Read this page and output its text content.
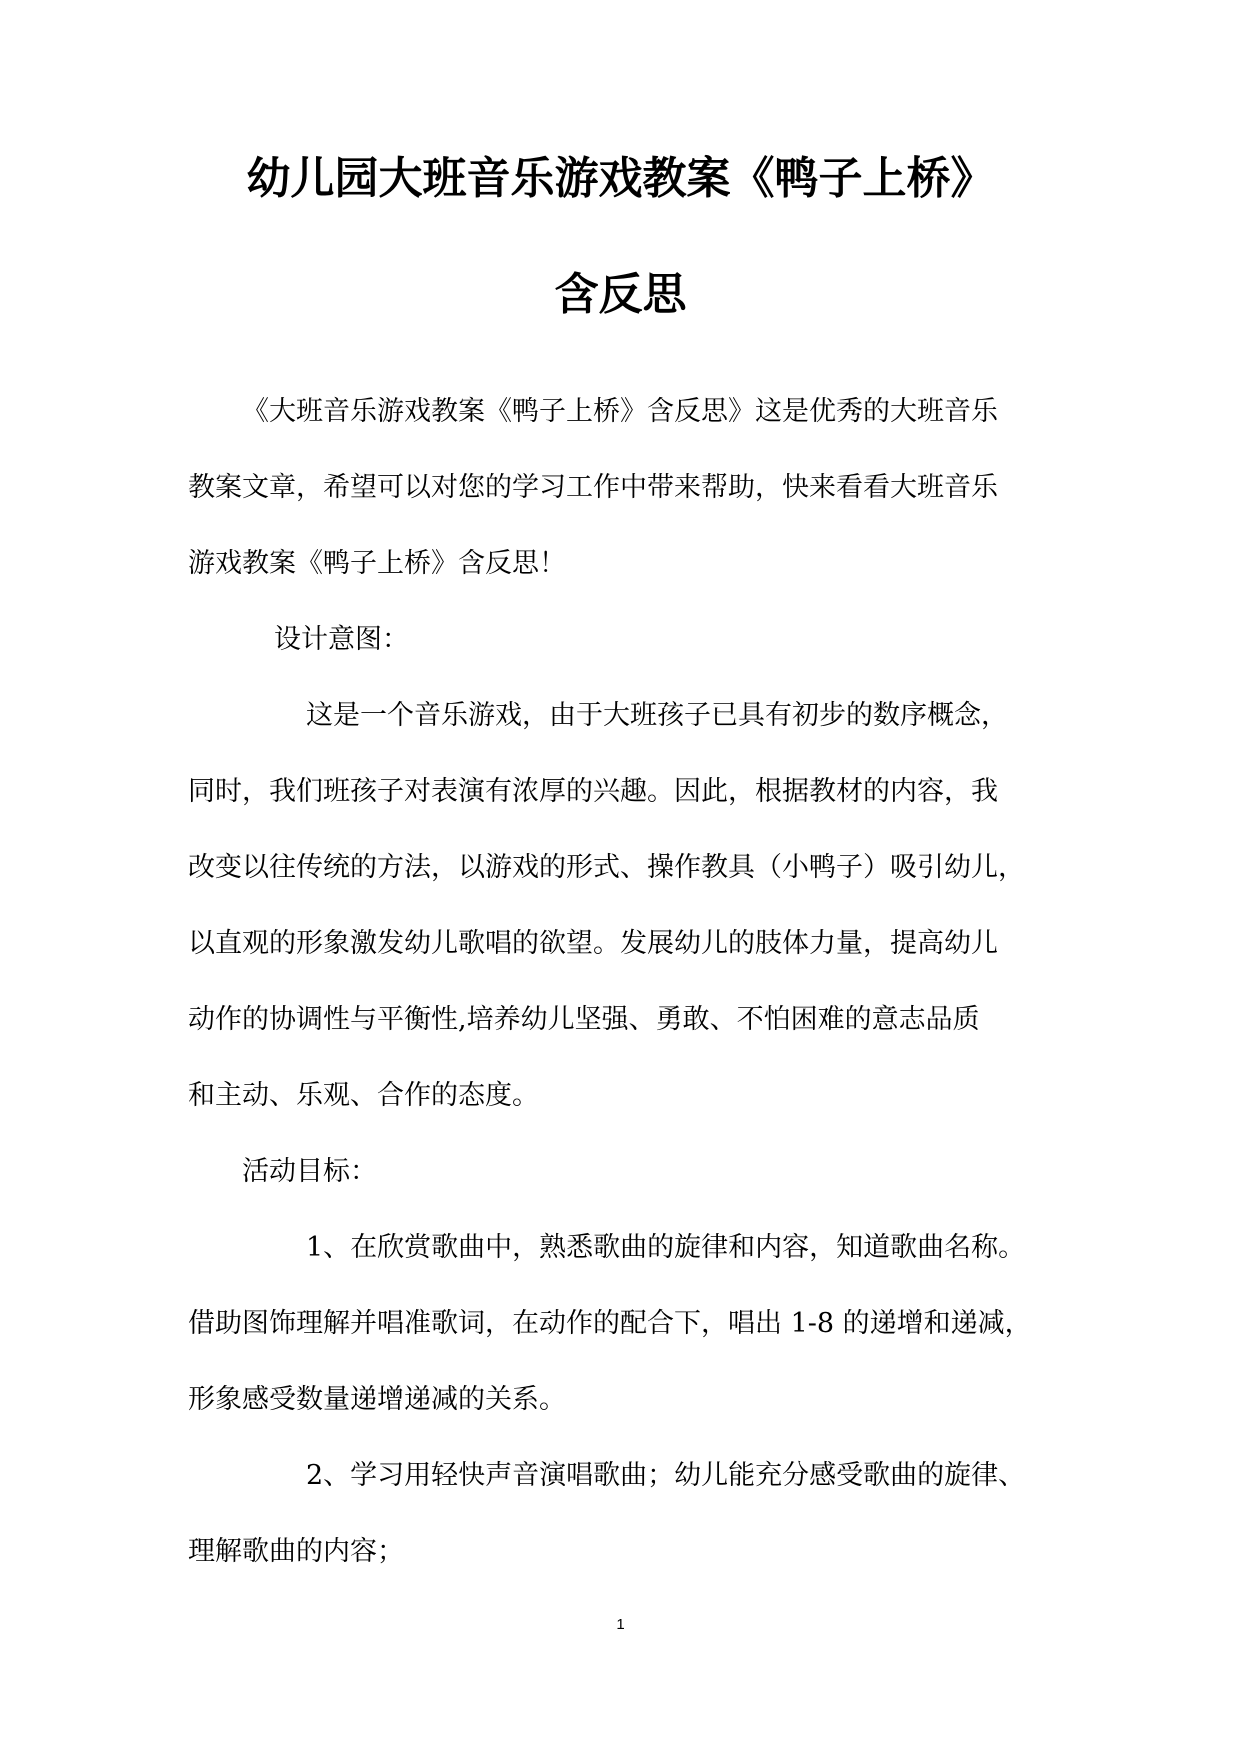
幼儿园大班音乐游戏教案《鸭子上桥》
含反思
《大班音乐游戏教案《鸭子上桥》含反思》这是优秀的大班音乐
教案文章，希望可以对您的学习工作中带来帮助，快来看看大班音乐
游戏教案《鸭子上桥》含反思！
设计意图：
这是一个音乐游戏，由于大班孩子已具有初步的数序概念，
同时，我们班孩子对表演有浓厚的兴趣。因此，根据教材的内容，我
改变以往传统的方法，以游戏的形式、操作教具（小鸭子）吸引幼儿，
以直观的形象激发幼儿歌唱的欲望。发展幼儿的肢体力量，提高幼儿
动作的协调性与平衡性,培养幼儿坚强、勇敢、不怕困难的意志品质
和主动、乐观、合作的态度。
活动目标：
1、在欣赏歌曲中，熟悉歌曲的旋律和内容，知道歌曲名称。
借助图饰理解并唱准歌词，在动作的配合下，唱出 1-8 的递增和递减，
形象感受数量递增递减的关系。
2、学习用轻快声音演唱歌曲；幼儿能充分感受歌曲的旋律、
理解歌曲的内容；
1
